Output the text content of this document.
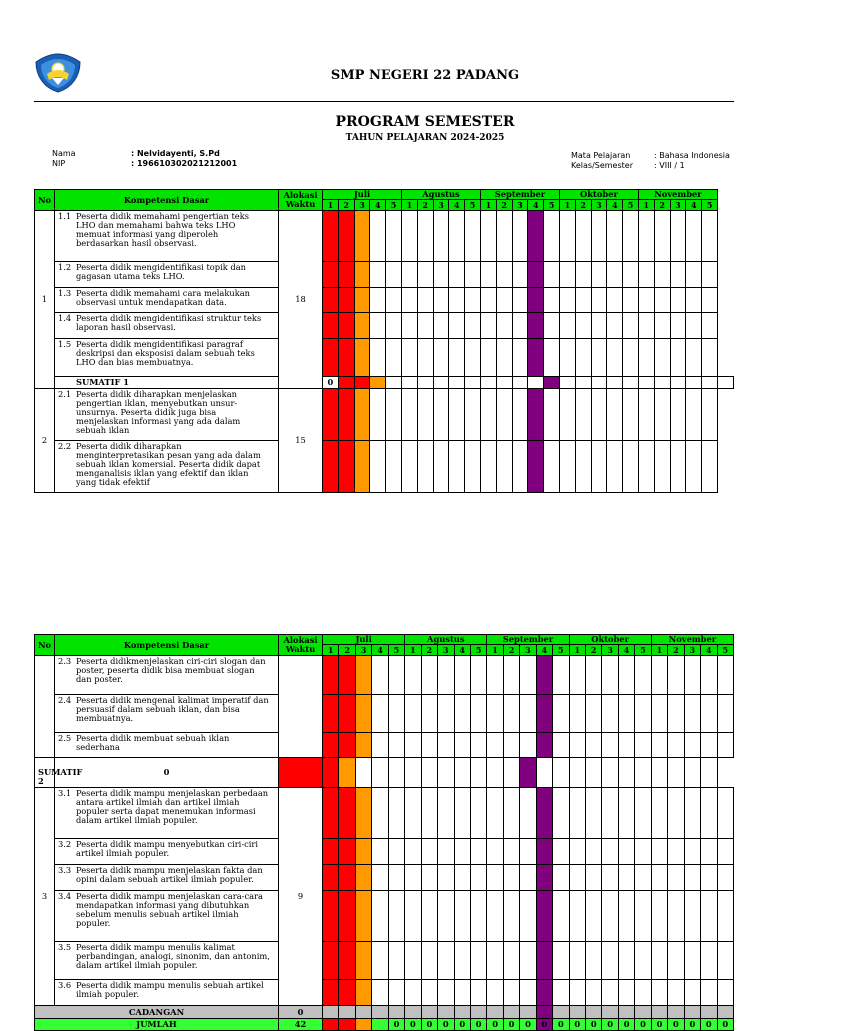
SMP NEGERI 22 PADANG
PROGRAM SEMESTER
TAHUN PELAJARAN 2024-2025
Nama	: Nelvidayenti, S.Pd
NIP	: 196610302021212001
Mata Pelajaran	: Bahasa Indonesia
Kelas/Semester	: VIII / 1
No	Kompetensi Dasar	Alokasi Waktu	Juli					Agustus					September					Oktober					November					
			1	2	3	4	5	1	2	3	4	5	1	2	3	4	5	1	2	3	4	5	1	2	3	4	5	
1	1.1 Peserta didik memahami pengertian teks LHO dan memahami bahwa teks LHO memuat informasi yang diperoleh berdasarkan hasil observasi.	18																										
	1.2 Peserta didik mengidentifikasi topik dan gagasan utama teks LHO.																											
	1.3 Peserta didik memahami cara melakukan observasi untuk mendapatkan data.																											
	1.4 Peserta didik mengidentifikasi struktur teks laporan hasil observasi.																											
	1.5 Peserta didik mengidentifikasi paragraf deskripsi dan eksposisi dalam sebuah teks LHO dan bias membuatnya.																											
	SUMATIF 1		0																									
2	2.1 Peserta didik diharapkan menjelaskan pengertian iklan, menyebutkan unsur-unsurnya. Peserta didik juga bisa menjelaskan informasi yang ada dalam sebuah iklan	15																										
	2.2 Peserta didik diharapkan menginterpretasikan pesan yang ada dalam sebuah iklan komersial. Peserta didik dapat menganalisis iklan yang efektif dan iklan yang tidak efektif																											
No	Kompetensi Dasar	Alokasi Waktu	Juli					Agustus					September					Oktober					November				
			1	2	3	4	5	1	2	3	4	5	1	2	3	4	5	1	2	3	4	5	1	2	3	4	5
	2.3 Peserta didikmenjelaskan ciri-ciri slogan dan poster, peserta didik bisa membuat slogan dan poster.																										
	2.4 Peserta didik mengenal kalimat imperatif dan persuasif dalam sebuah iklan, dan bisa membuatnya.																										
	2.5 Peserta didik membuat sebuah iklan sederhana																										
SUMATIF 2	0																										
3	3.1 Peserta didik mampu menjelaskan perbedaan antara artikel ilmiah dan artikel ilmiah populer serta dapat menemukan informasi dalam artikel ilmiah populer.	9																									
	3.2 Peserta didik mampu menyebutkan ciri-ciri artikel ilmiah populer.																										
	3.3 Peserta didik mampu menjelaskan fakta dan opini dalam sebuah artikel ilmiah populer.																										
	3.4 Peserta didik mampu menjelaskan cara-cara mendapatkan informasi yang dibutuhkan sebelum menulis sebuah artikel ilmiah populer.																										
	3.5 Peserta didik mampu menulis kalimat perbandingan, analogi, sinonim, dan antonim, dalam artikel ilmiah populer.																										
	3.6 Peserta didik mampu menulis sebuah artikel ilmiah populer.																										
CADANGAN		0																									
JUMLAH		42					0	0	0	0	0	0	0	0	0	0	0	0	0	0	0	0	0	0	0	0	0
